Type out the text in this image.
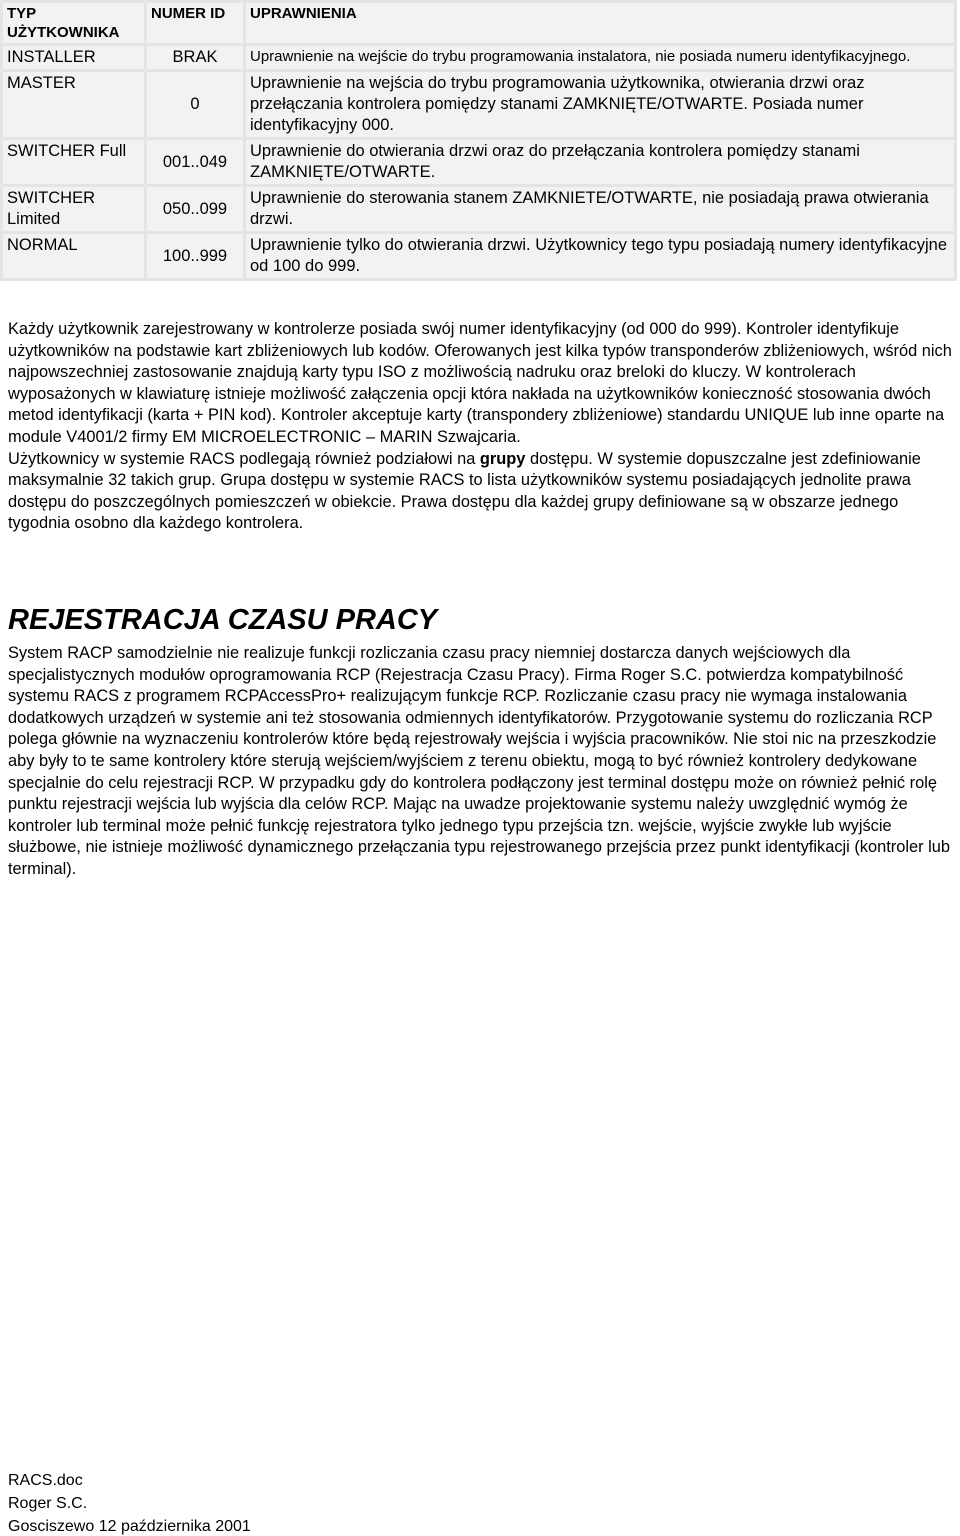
TYP UŻYTKOWNIKA	NUMER ID	UPRAWNIENIA
INSTALLER	BRAK	Uprawnienie na wejście do trybu programowania instalatora, nie posiada numeru identyfikacyjnego.
MASTER	0	Uprawnienie na wejścia do trybu programowania użytkownika, otwierania drzwi oraz przełączania kontrolera pomiędzy stanami ZAMKNIĘTE/OTWARTE. Posiada numer identyfikacyjny 000.
SWITCHER Full	001..049	Uprawnienie do otwierania drzwi oraz do przełączania kontrolera pomiędzy stanami ZAMKNIĘTE/OTWARTE.
SWITCHER Limited	050..099	Uprawnienie do sterowania stanem ZAMKNIETE/OTWARTE, nie posiadają prawa otwierania drzwi.
NORMAL	100..999	Uprawnienie tylko do otwierania drzwi. Użytkownicy tego typu posiadają numery identyfikacyjne od 100 do 999.

Każdy użytkownik zarejestrowany w kontrolerze posiada swój numer identyfikacyjny (od 000 do 999). Kontroler identyfikuje użytkowników na podstawie kart zbliżeniowych lub kodów. Oferowanych jest kilka typów transponderów zbliżeniowych, wśród nich najpowszechniej zastosowanie znajdują karty typu ISO z możliwością nadruku oraz breloki do kluczy. W kontrolerach wyposażonych w klawiaturę istnieje możliwość załączenia opcji która nakłada na użytkowników konieczność stosowania dwóch metod identyfikacji (karta + PIN kod). Kontroler akceptuje karty (transpondery zbliżeniowe) standardu UNIQUE lub inne oparte na module V4001/2 firmy EM MICROELECTRONIC – MARIN Szwajcaria.
Użytkownicy w systemie RACS podlegają również podziałowi na grupy dostępu. W systemie dopuszczalne jest zdefiniowanie maksymalnie 32 takich grup. Grupa dostępu w systemie RACS to lista użytkowników systemu posiadających jednolite prawa dostępu do poszczególnych pomieszczeń w obiekcie. Prawa dostępu dla każdej grupy definiowane są w obszarze jednego tygodnia osobno dla każdego kontrolera.

REJESTRACJA CZASU PRACY

System RACP samodzielnie nie realizuje funkcji rozliczania czasu pracy niemniej dostarcza danych wejściowych dla specjalistycznych modułów oprogramowania RCP (Rejestracja Czasu Pracy). Firma Roger S.C. potwierdza kompatybilność systemu RACS z programem RCPAccessPro+ realizującym funkcje RCP. Rozliczanie czasu pracy nie wymaga instalowania dodatkowych urządzeń w systemie ani też stosowania odmiennych identyfikatorów. Przygotowanie systemu do rozliczania RCP polega głównie na wyznaczeniu kontrolerów które będą rejestrowały wejścia i wyjścia pracowników. Nie stoi nic na przeszkodzie aby były to te same kontrolery które sterują wejściem/wyjściem z terenu obiektu, mogą to być również kontrolery dedykowane specjalnie do celu rejestracji RCP. W przypadku gdy do kontrolera podłączony jest terminal dostępu może on również pełnić rolę punktu rejestracji wejścia lub wyjścia dla celów RCP. Mając na uwadze projektowanie systemu należy uwzględnić wymóg że kontroler lub terminal może pełnić funkcję rejestratora tylko jednego typu przejścia tzn. wejście, wyjście zwykłe lub wyjście służbowe, nie istnieje możliwość dynamicznego przełączania typu rejestrowanego przejścia przez punkt identyfikacji (kontroler lub terminal).

RACS.doc
Roger S.C.
Gosciszewo 12 października 2001
